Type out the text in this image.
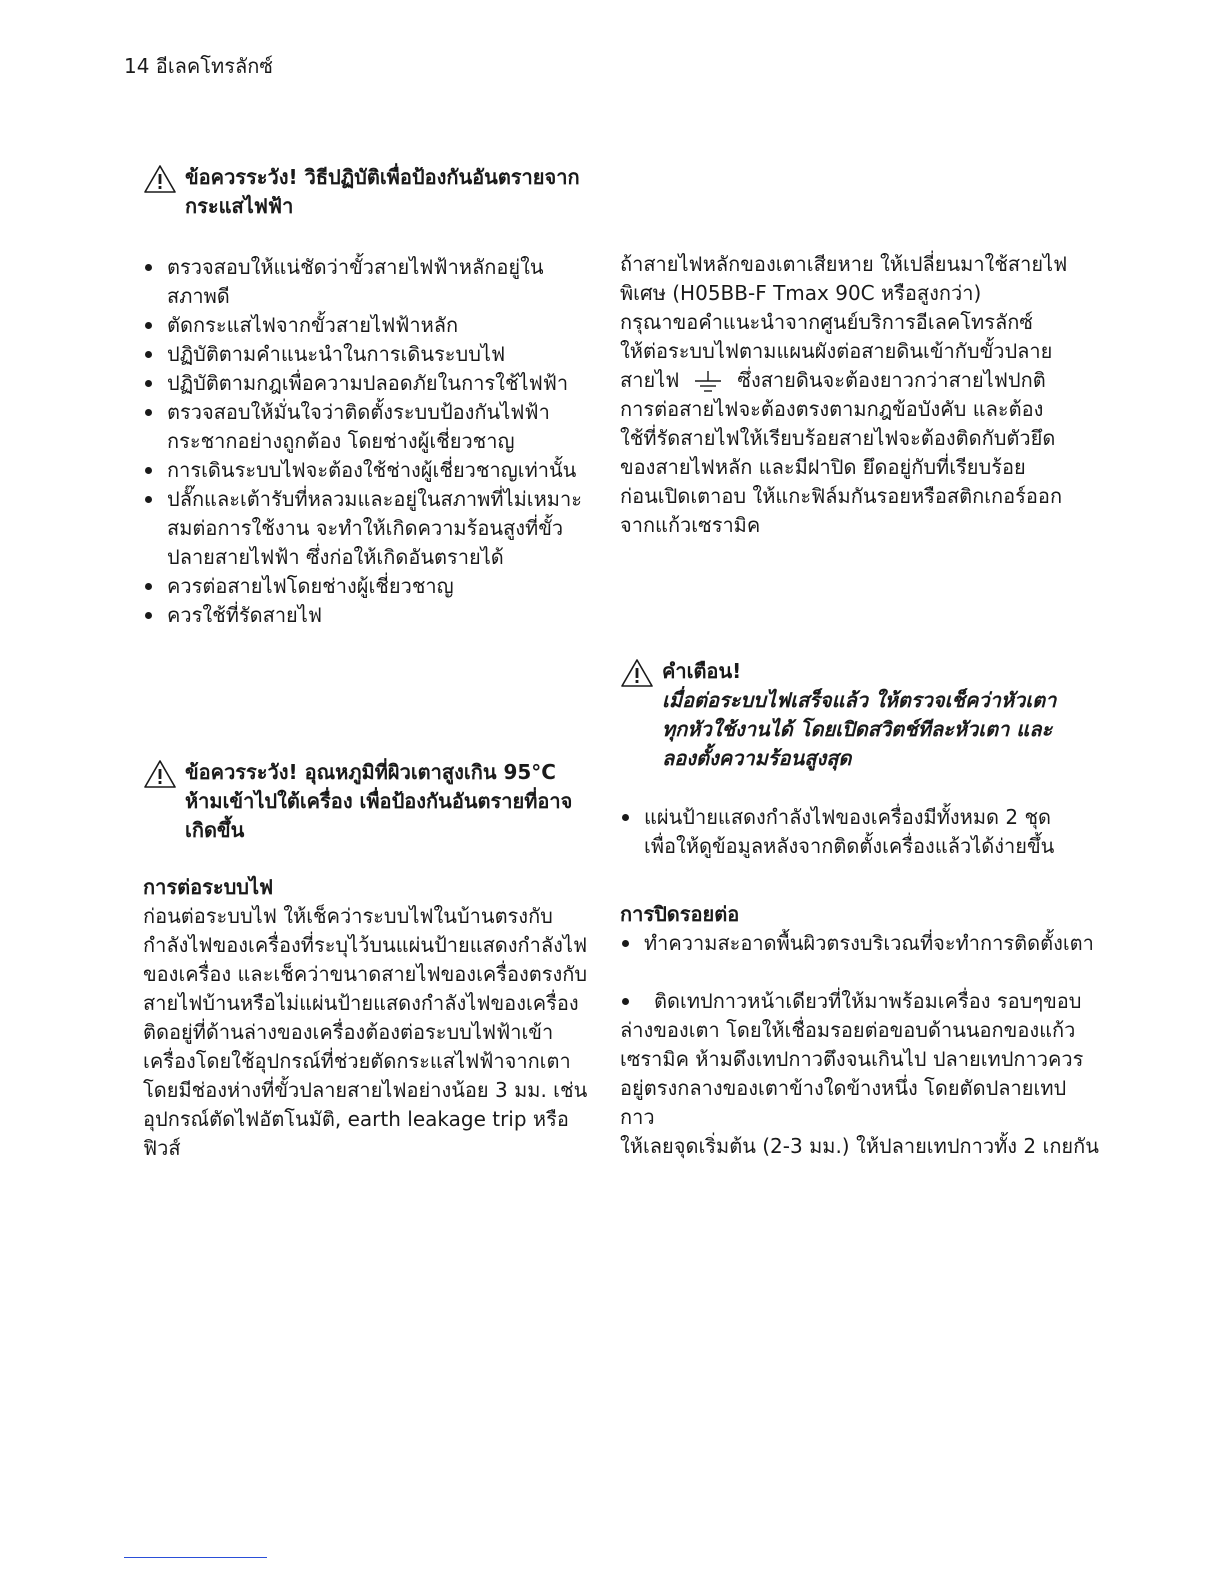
14 อีเลคโทรลักซ์
ข้อควรระวัง! วิธีปฏิบัติเพื่อป้องกันอันตรายจาก
กระแสไฟฟ้า
ตรวจสอบให้แน่ชัดว่าขั้วสายไฟฟ้าหลักอยู่ในสภาพดี
ตัดกระแสไฟจากขั้วสายไฟฟ้าหลัก
ปฏิบัติตามคำแนะนำในการเดินระบบไฟ
ปฏิบัติตามกฎเพื่อความปลอดภัยในการใช้ไฟฟ้า
ตรวจสอบให้มั่นใจว่าติดตั้งระบบป้องกันไฟฟ้ากระชากอย่างถูกต้อง โดยช่างผู้เชี่ยวชาญ
การเดินระบบไฟจะต้องใช้ช่างผู้เชี่ยวชาญเท่านั้น
ปลั๊กและเต้ารับที่หลวมและอยู่ในสภาพที่ไม่เหมาะสมต่อการใช้งาน จะทำให้เกิดความร้อนสูงที่ขั้วปลายสายไฟฟ้า ซึ่งก่อให้เกิดอันตรายได้
ควรต่อสายไฟโดยช่างผู้เชี่ยวชาญ
ควรใช้ที่รัดสายไฟ
ข้อควรระวัง! อุณหภูมิที่ผิวเตาสูงเกิน 95°C
ห้ามเข้าไปใต้เครื่อง เพื่อป้องกันอันตรายที่อาจ
เกิดขึ้น
การต่อระบบไฟ

ก่อนต่อระบบไฟ ให้เช็คว่าระบบไฟในบ้านตรงกับ
กำลังไฟของเครื่องที่ระบุไว้บนแผ่นป้ายแสดงกำลังไฟ
ของเครื่อง และเช็คว่าขนาดสายไฟของเครื่องตรงกับ
สายไฟบ้านหรือไม่แผ่นป้ายแสดงกำลังไฟของเครื่อง
ติดอยู่ที่ด้านล่างของเครื่องต้องต่อระบบไฟฟ้าเข้า
เครื่องโดยใช้อุปกรณ์ที่ช่วยตัดกระแสไฟฟ้าจากเตา
โดยมีช่องห่างที่ขั้วปลายสายไฟอย่างน้อย 3 มม. เช่น
อุปกรณ์ตัดไฟอัตโนมัติ, earth leakage trip หรือฟิวส์

ถ้าสายไฟหลักของเตาเสียหาย ให้เปลี่ยนมาใช้สายไฟ
พิเศษ (H05BB-F Tmax 90C หรือสูงกว่า)
กรุณาขอคำแนะนำจากศูนย์บริการอีเลคโทรลักซ์
ให้ต่อระบบไฟตามแผนผังต่อสายดินเข้ากับขั้วปลาย
สายไฟ	ซึ่งสายดินจะต้องยาวกว่าสายไฟปกติ
การต่อสายไฟจะต้องตรงตามกฎข้อบังคับ และต้อง
ใช้ที่รัดสายไฟให้เรียบร้อยสายไฟจะต้องติดกับตัวยึด
ของสายไฟหลัก และมีฝาปิด ยึดอยู่กับที่เรียบร้อย
ก่อนเปิดเตาอบ ให้แกะฟิล์มกันรอยหรือสติกเกอร์ออก
จากแก้วเซรามิค

คำเตือน!
เมื่อต่อระบบไฟเสร็จแล้ว ให้ตรวจเช็คว่าหัวเตา
ทุกหัวใช้งานได้ โดยเปิดสวิตช์ทีละหัวเตา และ
ลองตั้งความร้อนสูงสุด
แผ่นป้ายแสดงกำลังไฟของเครื่องมีทั้งหมด 2 ชุด
เพื่อให้ดูข้อมูลหลังจากติดตั้งเครื่องแล้วได้ง่ายขึ้น
การปิดรอยต่อ
ทำความสะอาดพื้นผิวตรงบริเวณที่จะทำการติดตั้งเตา

ติดเทปกาวหน้าเดียวที่ให้มาพร้อมเครื่อง รอบๆขอบ
ล่างของเตา โดยให้เชื่อมรอยต่อขอบด้านนอกของแก้ว
เซรามิค ห้ามดึงเทปกาวตึงจนเกินไป ปลายเทปกาวควร
อยู่ตรงกลางของเตาข้างใดข้างหนึ่ง โดยตัดปลายเทปกาว
ให้เลยจุดเริ่มต้น (2-3 มม.) ให้ปลายเทปกาวทั้ง 2 เกยกัน
